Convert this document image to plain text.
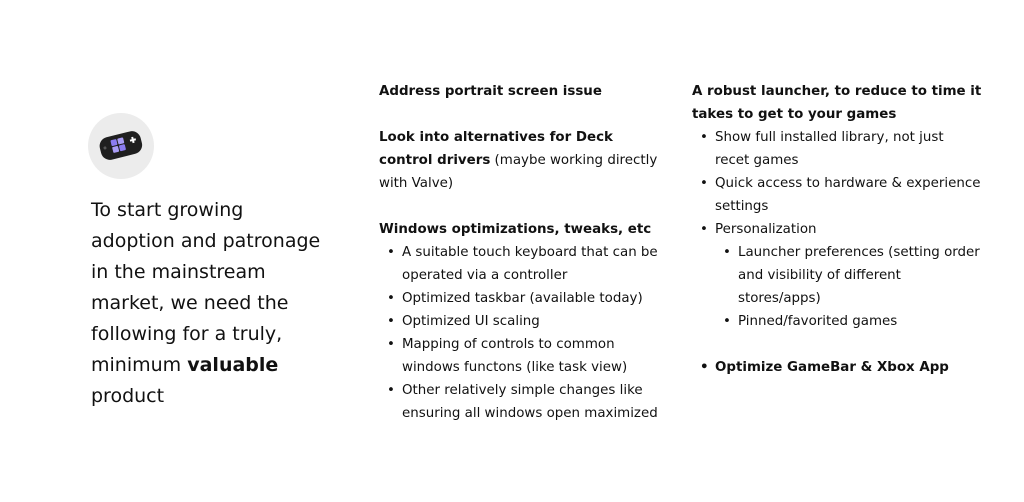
To start growing adoption and patronage in the mainstream market, we need the following for a truly, minimum valuable product

Address portrait screen issue

Look into alternatives for Deck control drivers (maybe working directly with Valve)

Windows optimizations, tweaks, etc

• A suitable touch keyboard that can be operated via a controller
• Optimized taskbar (available today)
• Optimized UI scaling
• Mapping of controls to common windows functons (like task view)
• Other relatively simple changes like ensuring all windows open maximized

A robust launcher, to reduce to time it takes to get to your games

• Show full installed library, not just recet games
• Quick access to hardware & experience settings
• Personalization
• Launcher preferences (setting order and visibility of different stores/apps)
• Pinned/favorited games
• Optimize GameBar & Xbox App
